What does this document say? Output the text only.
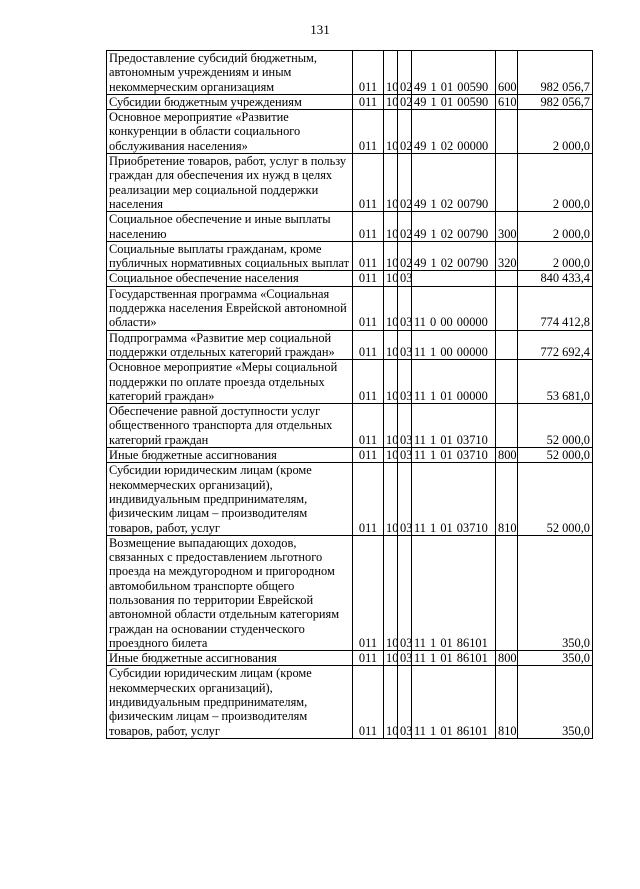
131
Предоставление субсидий бюджетным, автономным учреждениям и иным некоммерческим организациям	011	10	02	49 1 01 00590	600	982 056,7
Субсидии бюджетным учреждениям	011	10	02	49 1 01 00590	610	982 056,7
Основное мероприятие «Развитие конкуренции в области социального обслуживания населения»	011	10	02	49 1 02 00000		2 000,0
Приобретение товаров, работ, услуг в пользу граждан для обеспечения их нужд в целях реализации мер социальной поддержки населения	011	10	02	49 1 02 00790		2 000,0
Социальное обеспечение и иные выплаты населению	011	10	02	49 1 02 00790	300	2 000,0
Социальные выплаты гражданам, кроме публичных нормативных социальных выплат	011	10	02	49 1 02 00790	320	2 000,0
Социальное обеспечение населения	011	10	03			840 433,4
Государственная программа «Социальная поддержка населения Еврейской автономной области»	011	10	03	11 0 00 00000		774 412,8
Подпрограмма «Развитие мер социальной поддержки отдельных категорий граждан»	011	10	03	11 1 00 00000		772 692,4
Основное мероприятие «Меры социальной поддержки по оплате проезда отдельных категорий граждан»	011	10	03	11 1 01 00000		53 681,0
Обеспечение равной доступности услуг общественного транспорта для отдельных категорий граждан	011	10	03	11 1 01 03710		52 000,0
Иные бюджетные ассигнования	011	10	03	11 1 01 03710	800	52 000,0
Субсидии юридическим лицам (кроме некоммерческих организаций), индивидуальным предпринимателям, физическим лицам – производителям товаров, работ, услуг	011	10	03	11 1 01 03710	810	52 000,0
Возмещение выпадающих доходов, связанных с предоставлением льготного проезда на междугородном и пригородном автомобильном транспорте общего пользования по территории Еврейской автономной области отдельным категориям граждан на основании студенческого проездного билета	011	10	03	11 1 01 86101		350,0
Иные бюджетные ассигнования	011	10	03	11 1 01 86101	800	350,0
Субсидии юридическим лицам (кроме некоммерческих организаций), индивидуальным предпринимателям, физическим лицам – производителям товаров, работ, услуг	011	10	03	11 1 01 86101	810	350,0
